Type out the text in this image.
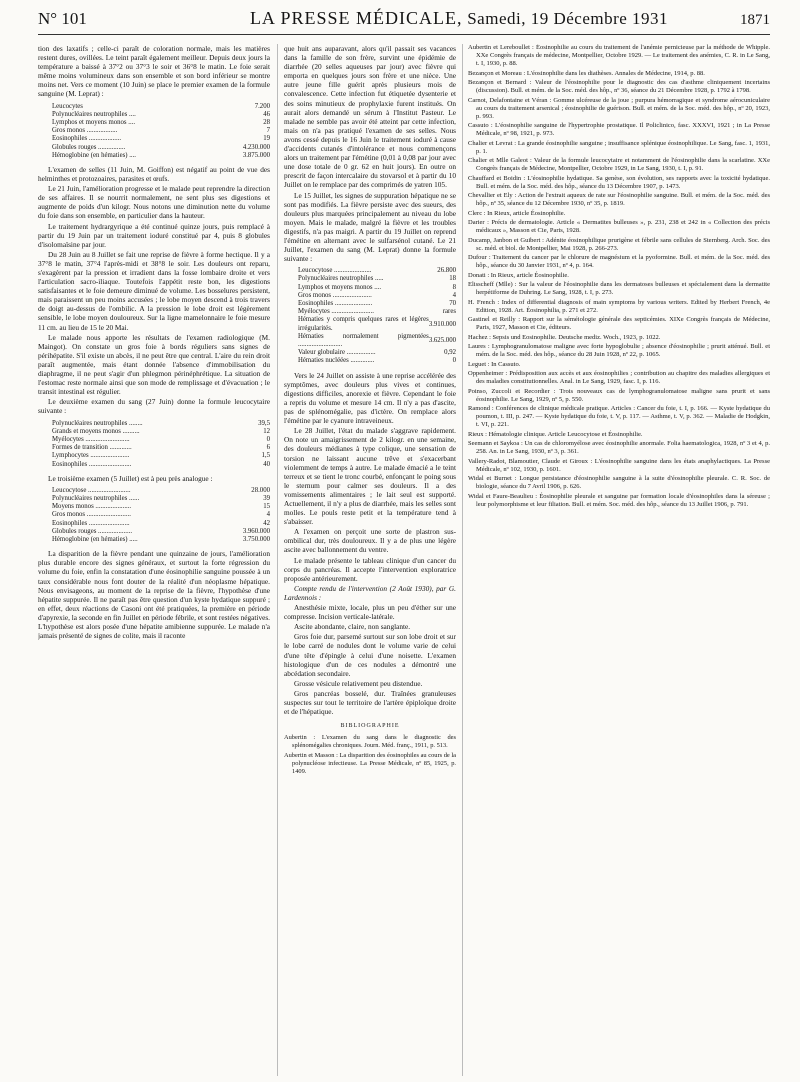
N° 101	LA PRESSE MÉDICALE, Samedi, 19 Décembre 1931	1871

tion des laxatifs ; celle-ci paraît de coloration normale, mais les matières restent dures, ovillées. Le teint paraît également meilleur. Depuis deux jours la température a baissé à 37°2 ou 37°3 le soir et 36°8 le matin. Le foie serait même moins volumineux dans son ensemble et son bord inférieur se montre moins net. Vers ce moment (10 Juin) se place le premier examen de la formule sanguine (M. Leprat) :

Leucocytes	7.200
Polynucléaires neutrophiles ....	46
Lymphos et moyens monos ....	28
Gros monos ..................	7
Eosinophiles ...................	19
Globules rouges ................	4.230.000
Hémoglobine (en hématies) ....	3.875.000

L'examen de selles (11 Juin, M. Goiffon) est négatif au point de vue des helminthes et protozoaires, parasites et œufs.

Le 21 Juin, l'amélioration progresse et le malade peut reprendre la direction de ses affaires. Il se nourrit normalement, ne sent plus ses digestions et augmente de poids d'un kilogr. Nous notons une diminution nette du volume du foie dans son ensemble, en particulier dans la hauteur.

Le traitement hydrargyrique a été continué quinze jours, puis remplacé à partir du 19 Juin par un traitement ioduré constitué par 4, puis 8 globules d'isolomaïsine par jour.

Du 28 Juin au 8 Juillet se fait une reprise de fièvre à forme hectique. Il y a 37°8 le matin, 37°4 l'après-midi et 38°8 le soir. Les douleurs ont reparu, s'exagèrent par la pression et irradient dans la fosse lombaire droite et vers l'articulation sacro-iliaque. Toutefois l'appétit reste bon, les digestions satisfaisantes et le foie demeure diminué de volume. Les bosselures persistent, mais paraissent un peu moins accusées ; le lobe moyen descend à trois travers de doigt au-dessus de l'ombilic. A la pression le lobe droit est légèrement sensible, le lobe moyen douloureux. Sur la ligne mamelonnaire le foie mesure 11 cm. au lieu de 15 le 20 Mai.

Le malade nous apporte les résultats de l'examen radiologique (M. Maingot). On constate un gros foie à bords réguliers sans signes de périhépatite. S'il existe un abcès, il ne peut être que central. L'aire du rein droit paraît augmentée, mais étant donnée l'absence d'immobilisation du diaphragme, il ne peut s'agir d'un phlegmon périnéphrétique. La situation de l'estomac reste normale ainsi que son mode de remplissage et d'évacuation ; le transit intestinal est régulier.

Le deuxième examen du sang (27 Juin) donne la formule leucocytaire suivante :

Polynucléaires neutrophiles ........	39,5
Grands et moyens monos ..........	12
Myélocytes ..........................	0
Formes de transition .............	6
Lymphocytes .......................	1,5
Eosinophiles .........................	40

Le troisième examen (5 Juillet) est à peu près analogue :

Leucocytose .........................	28.000
Polynucléaires neutrophiles ......	39
Moyens monos .....................	15
Gros monos ..........................	4
Eosinophiles ........................	42
Globules rouges ....................	3.960.000
Hémoglobine (en hématies) .....	3.750.000

La disparition de la fièvre pendant une quinzaine de jours, l'amélioration plus durable encore des signes généraux, et surtout la forte régression du volume du foie, enfin la constatation d'une éosinophilie sanguine poussée à un taux considérable nous font douter de la réalité d'un néoplasme hépatique. Nous envisageons, au moment de la reprise de la fièvre, l'hypothèse d'une hépatite suppurée. Il ne paraît pas être question d'un kyste hydatique suppuré ; en effet, deux réactions de Casoni ont été pratiquées, la première en période d'apyrexie, la seconde en fin Juillet en période fébrile, et sont restées négatives. L'hypothèse est alors posée d'une hépatite amibienne suppurée. Le malade n'a jamais présenté de signes de colite, mais il raconte

que huit ans auparavant, alors qu'il passait ses vacances dans la famille de son frère, survint une épidémie de diarrhée (20 selles aqueuses par jour) avec fièvre qui emporta en quelques jours son frère et une nièce. Une autre jeune fille guérit après plusieurs mois de convalescence. Cette infection fut étiquetée dysenterie et des soins minutieux de prophylaxie furent institués. On aurait alors demandé un sérum à l'Institut Pasteur. Le malade ne semble pas avoir été atteint par cette infection, mais on n'a pas pratiqué l'examen de ses selles. Nous avons cessé depuis le 16 Juin le traitement ioduré à cause d'accidents cutanés d'intolérance et nous commençons alors un traitement par l'émétine (0,01 à 0,08 par jour avec une dose totale de 0 gr. 62 en huit jours). En outre on prescrit de façon intercalaire du stovarsol et à partir du 10 Juillet on le remplace par des comprimés de yatren 105.

Le 15 Juillet, les signes de suppuration hépatique ne se sont pas modifiés. La fièvre persiste avec des sueurs, des douleurs plus marquées principalement au niveau du lobe moyen. Mais le malade, malgré la fièvre et les troubles digestifs, n'a pas maigri. A partir du 19 Juillet on reprend l'émétine en alternant avec le sulfarsénol cutané. Le 21 Juillet, l'examen du sang (M. Leprat) donne la formule suivante :

Leucocytose ......................	26.800
Polynucléaires neutrophiles .....	18
Lymphos et moyens monos ....	8
Gros monos .......................	4
Eosinophiles ......................	70
Myélocytes .........................	rares
Hématies y compris quelques rares et légères irrégularités.	3.910.000
Hématies normalement pigmentées ..........................	3.625.000
Valeur globulaire .................	0,92
Hématies nucléées ..............	0

Vers le 24 Juillet on assiste à une reprise accélérée des symptômes, avec douleurs plus vives et continues, digestions difficiles, anorexie et fièvre. Cependant le foie a repris du volume et mesure 14 cm. Il n'y a pas d'ascite, pas de splénomégalie, pas d'ictère. On remplace alors l'émétine par le cyanure intraveineux.

Le 28 Juillet, l'état du malade s'aggrave rapidement. On note un amaigrissement de 2 kilogr. en une semaine, des douleurs médianes à type colique, une sensation de torsion ne laissant aucune trêve et s'exacerbant violemment de temps à autre. Le malade émacié a le teint terreux et se tient le tronc courbé, enfonçant le poing sous le sternum pour calmer ses douleurs. Il a des vomissements alimentaires ; le lait seul est supporté. Actuellement, il n'y a plus de diarrhée, mais les selles sont molles. Le pouls reste petit et la température tend à s'abaisser.

A l'examen on perçoit une sorte de plastron sus-ombilical dur, très douloureux. Il y a de plus une légère ascite avec ballonnement du ventre.

Le malade présente le tableau clinique d'un cancer du corps du pancréas. Il accepte l'intervention exploratrice proposée antérieurement.

Compte rendu de l'intervention (2 Août 1930), par G. Lardennois :

Anesthésie mixte, locale, plus un peu d'éther sur une compresse. Incision verticale-latérale.

Ascite abondante, claire, non sanglante.

Gros foie dur, parsemé surtout sur son lobe droit et sur le lobe carré de nodules dont le volume varie de celui d'une tête d'épingle à celui d'une noisette. L'examen histologique d'un de ces nodules a démontré une abcédation secondaire.

Grosse vésicule relativement peu distendue.

Gros pancréas bosselé, dur. Traînées granuleuses suspectes sur tout le territoire de l'artère épiploïque droite et de l'hépatique.

BIBLIOGRAPHIE

Aubertin : L'examen du sang dans le diagnostic des splénomégalies chroniques. Journ. Méd. franç., 1911, p. 513.

Aubertin et Masson : La disparition des éosinophiles au cours de la polynucléose infectieuse. La Presse Médicale, nº 85, 1925, p. 1409.

Aubertin et Lereboullet : Éosinophilie au cours du traitement de l'anémie pernicieuse par la méthode de Whipple. XXe Congrès français de médecine, Montpellier, Octobre 1929. — Le traitement des anémies, C. R. in Le Sang, t. I, 1930, p. 88.

Bezançon et Moreau : L'éosinophilie dans les diathèses. Annales de Médecine, 1914, p. 88.

Bezançon et Bernard : Valeur de l'éosinophilie pour le diagnostic des cas d'asthme cliniquement incertains (discussion). Bull. et mém. de la Soc. méd. des hôp., nº 36, séance du 21 Décembre 1928, p. 1792 à 1798.

Carnot, Delafontaine et Véran : Gomme ulcéreuse de la joue ; purpura hémorragique et syndrome aérocuniculaire au cours du traitement arsenical ; éosinophilie de guérison. Bull. et mém. de la Soc. méd. des hôp., nº 20, 1923, p. 993.

Cassuto : L'éosinophilie sanguine de l'hypertrophie prostatique. Il Policlinico, fasc. XXXVI, 1921 ; in La Presse Médicale, nº 98, 1921, p. 973.

Chalier et Levrat : La grande éosinophilie sanguine ; insuffisance splénique éosinophilique. Le Sang, fasc. 1, 1931, p. 1.

Chalier et Mlle Galeot : Valeur de la formule leucocytaire et notamment de l'éosinophilie dans la scarlatine. XXe Congrès français de Médecine, Montpellier, Octobre 1929, in Le Sang, 1930, t. I, p. 91.

Chauffard et Boidin : L'éosinophilie hydatique. Sa genèse, son évolution, ses rapports avec la toxicité hydatique. Bull. et mém. de la Soc. méd. des hôp., séance du 13 Décembre 1907, p. 1473.

Chevallier et Ely : Action de l'extrait aqueux de rate sur l'éosinophilie sanguine. Bull. et mém. de la Soc. méd. des hôp., nº 35, séance du 12 Décembre 1930, nº 35, p. 1819.

Clerc : In Rieux, article Éosinophilie.

Darier : Précis de dermatologie. Article « Dermatites bulleuses », p. 231, 238 et 242 in « Collection des précis médicaux », Masson et Cie, Paris, 1928.

Ducamp, Janbon et Guibert : Adénite éosinophilique prurigène et fébrile sans cellules de Sternberg. Arch. Soc. des sc. méd. et biol. de Montpellier, Mai 1928, p. 266-273.

Dufour : Traitement du cancer par le chlorure de magnésium et la pyoformine. Bull. et mém. de la Soc. méd. des hôp., séance du 30 Janvier 1931, nº 4, p. 164.

Donati : In Rieux, article Éosinophilie.

Elisscheff (Mlle) : Sur la valeur de l'éosinophilie dans les dermatoses bulleuses et spécialement dans la dermatite herpétiforme de Duhring. Le Sang, 1928, t. I, p. 273.

H. French : Index of differential diagnosis of main symptoms by various writers. Edited by Herbert French, 4e Edition, 1928. Art. Éosinophilia, p. 271 et 272.

Gastinel et Reilly : Rapport sur la séméiologie générale des septicémies. XIXe Congrès français de Médecine, Paris, 1927, Masson et Cie, éditeurs.

Hachez : Sepsis und Eosinophilie. Deutsche mediz. Woch., 1923, p. 1022.

Laures : Lymphogranulomatose maligne avec forte hypoglobulie ; absence d'éosinophilie ; prurit atténué. Bull. et mém. de la Soc. méd. des hôp., séance du 28 Juin 1928, nº 22, p. 1065.

Leguet : In Cassuto.

Oppenheimer : Prédisposition aux accès et aux éosinophilies ; contribution au chapitre des maladies allergiques et des maladies constitutionnelles. Anal. in Le Sang, 1929, fasc. I, p. 116.

Poinso, Zuccoli et Recordier : Trois nouveaux cas de lymphogranulomatose maligne sans prurit et sans éosinophilie. Le Sang, 1929, nº 5, p. 550.

Ramond : Conférences de clinique médicale pratique. Articles : Cancer du foie, t. I, p. 166. — Kyste hydatique du poumon, t. III, p. 247. — Kyste hydatique du foie, t. V, p. 117. — Asthme, t. V, p. 362. — Maladie de Hodgkin, t. VI, p. 221.

Rieux : Hématologie clinique. Article Leucocytose et Éosinophilie.

Seemann et Saykoa : Un cas de chloromyélose avec éosinophilie anormale. Folia haematologica, 1928, nº 3 et 4, p. 258. An. in Le Sang, 1930, nº 3, p. 361.

Vallery-Radot, Blamoutier, Claude et Giroux : L'éosinophilie sanguine dans les états anaphylactiques. La Presse Médicale, nº 102, 1930, p. 1601.

Widal et Burnet : Longue persistance d'éosinophilie sanguine à la suite d'éosinophilie pleurale. C. R. Soc. de biologie, séance du 7 Avril 1906, p. 626.

Widal et Faure-Beaulieu : Éosinophilie pleurale et sanguine par formation locale d'éosinophiles dans la séreuse ; leur polymorphisme et leur filiation. Bull. et mém. Soc. méd. des hôp., séance du 13 Juillet 1906, p. 791.
